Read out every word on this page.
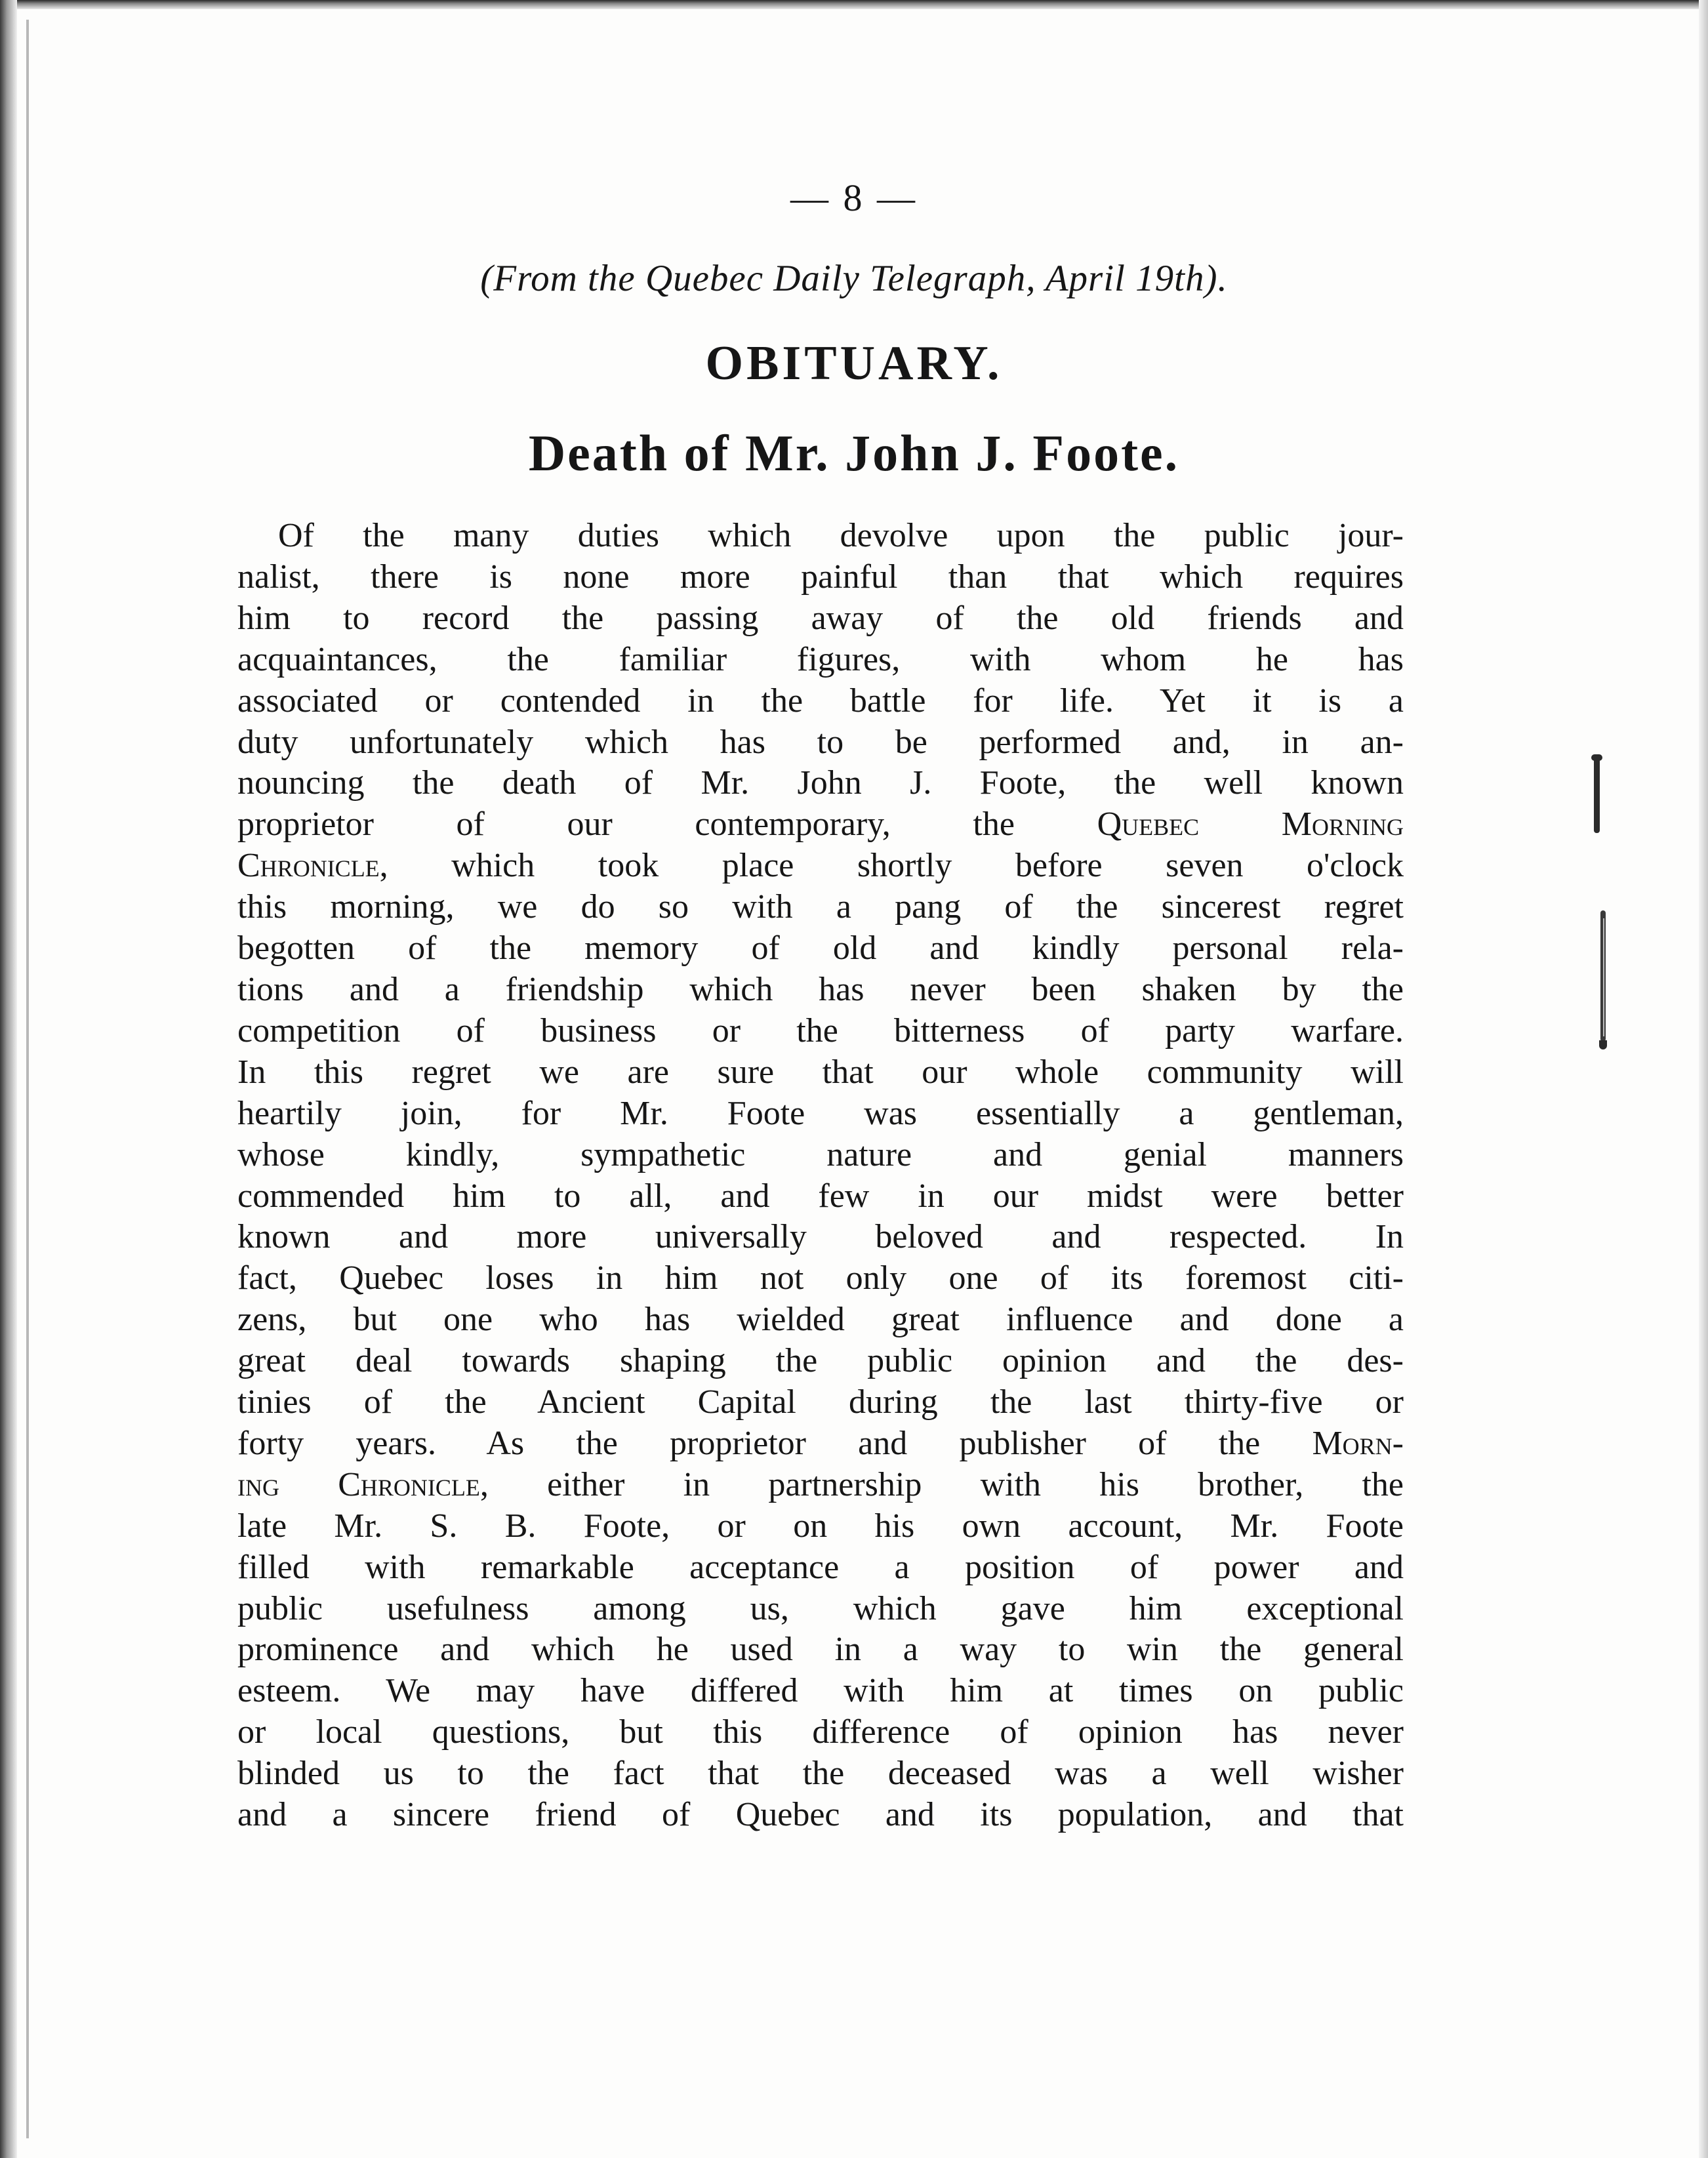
— 8 —
(From the Quebec Daily Telegraph, April 19th).
OBITUARY.
Death of Mr. John J. Foote.
Of the many duties which devolve upon the public jour-
nalist, there is none more painful than that which requires
him to record the passing away of the old friends and
acquaintances, the familiar figures, with whom he has
associated or contended in the battle for life. Yet it is a
duty unfortunately which has to be performed and, in an-
nouncing the death of Mr. John J. Foote, the well known
proprietor of our contemporary, the Quebec Morning
Chronicle, which took place shortly before seven o'clock
this morning, we do so with a pang of the sincerest regret
begotten of the memory of old and kindly personal rela-
tions and a friendship which has never been shaken by the
competition of business or the bitterness of party warfare.
In this regret we are sure that our whole community will
heartily join, for Mr. Foote was essentially a gentleman,
whose kindly, sympathetic nature and genial manners
commended him to all, and few in our midst were better
known and more universally beloved and respected. In
fact, Quebec loses in him not only one of its foremost citi-
zens, but one who has wielded great influence and done a
great deal towards shaping the public opinion and the des-
tinies of the Ancient Capital during the last thirty-five or
forty years. As the proprietor and publisher of the Morn-
ing Chronicle, either in partnership with his brother, the
late Mr. S. B. Foote, or on his own account, Mr. Foote
filled with remarkable acceptance a position of power and
public usefulness among us, which gave him exceptional
prominence and which he used in a way to win the general
esteem. We may have differed with him at times on public
or local questions, but this difference of opinion has never
blinded us to the fact that the deceased was a well wisher
and a sincere friend of Quebec and its population, and that
